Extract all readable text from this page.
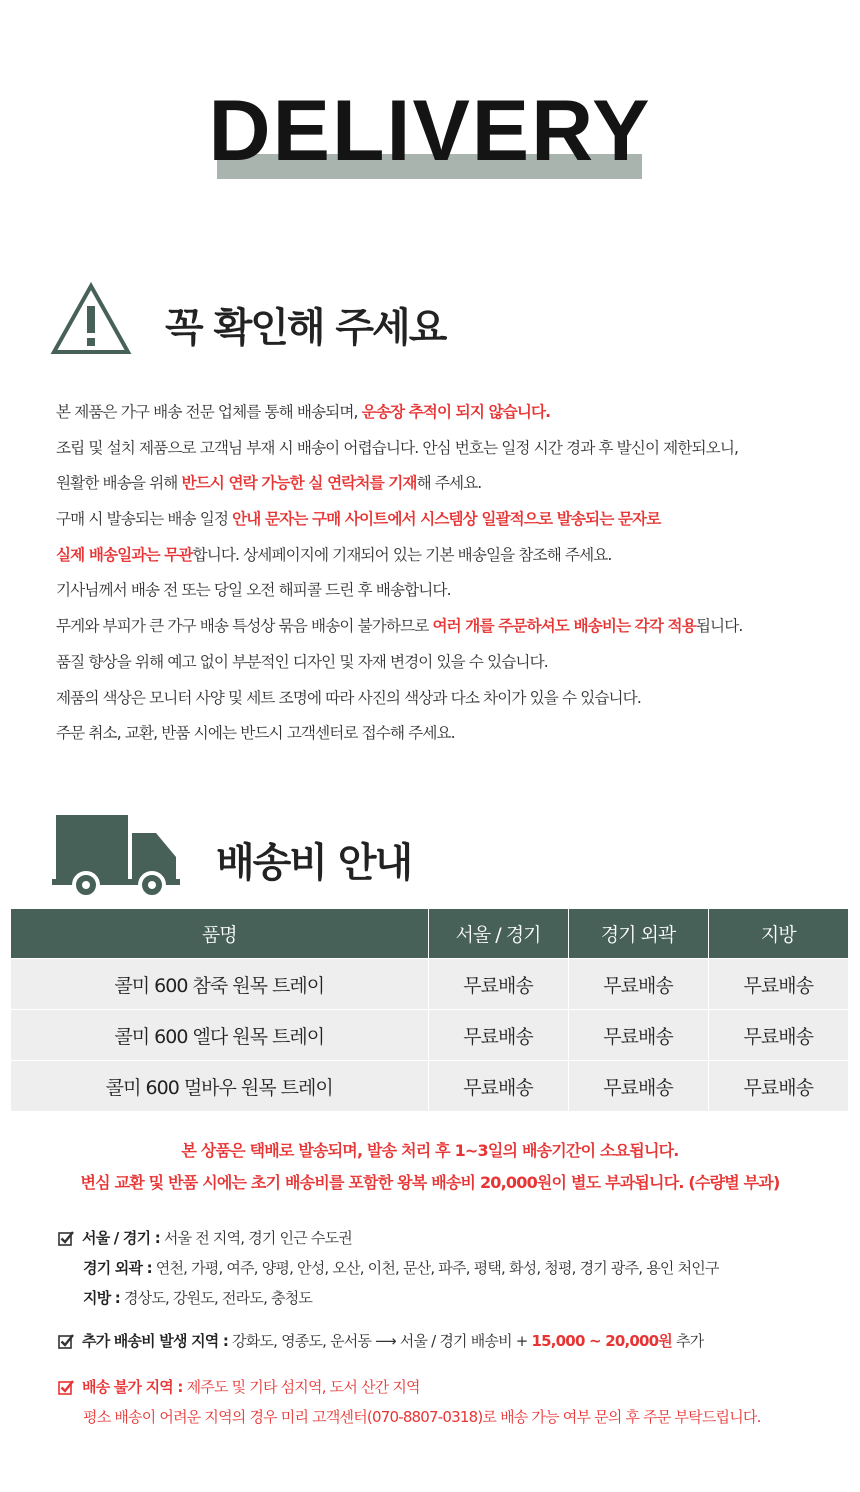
DELIVERY
꼭 확인해 주세요
본 제품은 가구 배송 전문 업체를 통해 배송되며, 운송장 추적이 되지 않습니다.
조립 및 설치 제품으로 고객님 부재 시 배송이 어렵습니다. 안심 번호는 일정 시간 경과 후 발신이 제한되오니,
원활한 배송을 위해 반드시 연락 가능한 실 연락처를 기재해 주세요.
구매 시 발송되는 배송 일정 안내 문자는 구매 사이트에서 시스템상 일괄적으로 발송되는 문자로
실제 배송일과는 무관합니다. 상세페이지에 기재되어 있는 기본 배송일을 참조해 주세요.
기사님께서 배송 전 또는 당일 오전 해피콜 드린 후 배송합니다.
무게와 부피가 큰 가구 배송 특성상 묶음 배송이 불가하므로 여러 개를 주문하셔도 배송비는 각각 적용됩니다.
품질 향상을 위해 예고 없이 부분적인 디자인 및 자재 변경이 있을 수 있습니다.
제품의 색상은 모니터 사양 및 세트 조명에 따라 사진의 색상과 다소 차이가 있을 수 있습니다.
주문 취소, 교환, 반품 시에는 반드시 고객센터로 접수해 주세요.
배송비 안내
품명	서울 / 경기	경기 외곽	지방
콜미 600 참죽 원목 트레이	무료배송	무료배송	무료배송
콜미 600 엘다 원목 트레이	무료배송	무료배송	무료배송
콜미 600 멀바우 원목 트레이	무료배송	무료배송	무료배송
본 상품은 택배로 발송되며, 발송 처리 후 1~3일의 배송기간이 소요됩니다.
변심 교환 및 반품 시에는 초기 배송비를 포함한 왕복 배송비 20,000원이 별도 부과됩니다. (수량별 부과)
서울 / 경기 : 서울 전 지역, 경기 인근 수도권
경기 외곽 : 연천, 가평, 여주, 양평, 안성, 오산, 이천, 문산, 파주, 평택, 화성, 청평, 경기 광주, 용인 처인구
지방 : 경상도, 강원도, 전라도, 충청도
추가 배송비 발생 지역 : 강화도, 영종도, 운서동 ⟶ 서울 / 경기 배송비 + 15,000 ~ 20,000원 추가
배송 불가 지역 : 제주도 및 기타 섬지역, 도서 산간 지역
평소 배송이 어려운 지역의 경우 미리 고객센터(070-8807-0318)로 배송 가능 여부 문의 후 주문 부탁드립니다.
